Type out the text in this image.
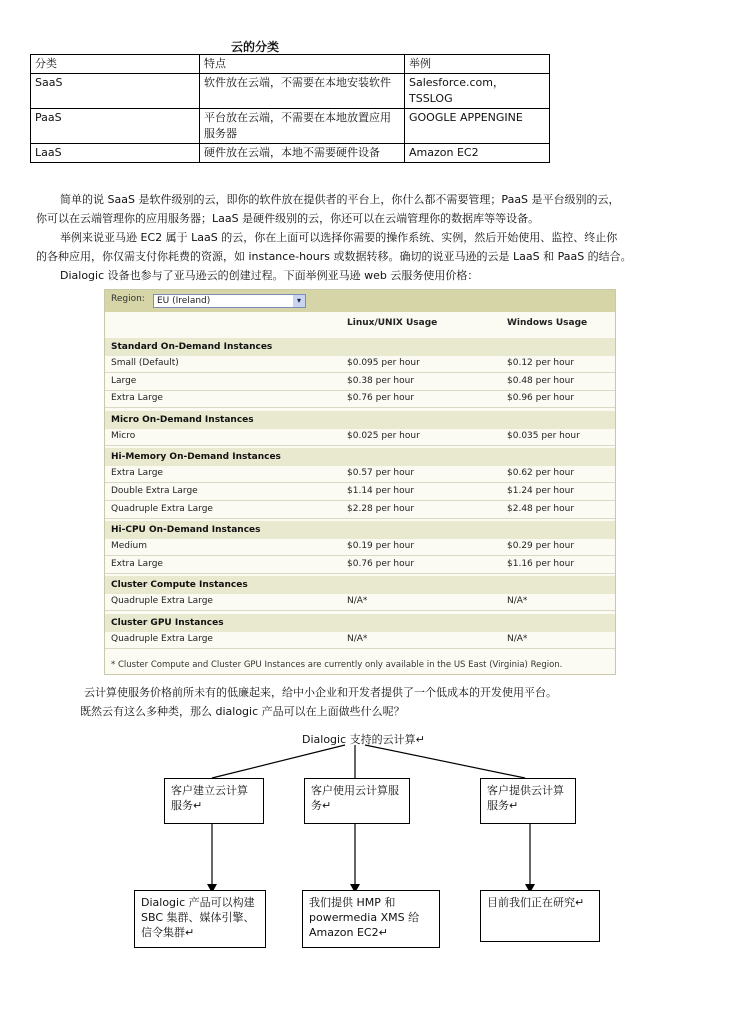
云的分类
分类	特点	举例
SaaS	软件放在云端，不需要在本地安装软件	Salesforce.com，TSSLOG
PaaS	平台放在云端，不需要在本地放置应用服务器	GOOGLE APPENGINE
LaaS	硬件放在云端，本地不需要硬件设备	Amazon EC2
简单的说 SaaS 是软件级别的云，即你的软件放在提供者的平台上，你什么都不需要管理；PaaS 是平台级别的云，
你可以在云端管理你的应用服务器；LaaS 是硬件级别的云，你还可以在云端管理你的数据库等等设备。
举例来说亚马逊 EC2 属于 LaaS 的云，你在上面可以选择你需要的操作系统、实例，然后开始使用、监控、终止你
的各种应用，你仅需支付你耗费的资源，如 instance-hours 或数据转移。确切的说亚马逊的云是 LaaS 和 PaaS 的结合。
Dialogic 设备也参与了亚马逊云的创建过程。下面举例亚马逊 web 云服务使用价格：
Region:	EU (Ireland)	▾
Linux/UNIX Usage	Windows Usage
Standard On-Demand Instances
Small (Default)	$0.095 per hour	$0.12 per hour
Large	$0.38 per hour	$0.48 per hour
Extra Large	$0.76 per hour	$0.96 per hour
Micro On-Demand Instances
Micro	$0.025 per hour	$0.035 per hour
Hi-Memory On-Demand Instances
Extra Large	$0.57 per hour	$0.62 per hour
Double Extra Large	$1.14 per hour	$1.24 per hour
Quadruple Extra Large	$2.28 per hour	$2.48 per hour
Hi-CPU On-Demand Instances
Medium	$0.19 per hour	$0.29 per hour
Extra Large	$0.76 per hour	$1.16 per hour
Cluster Compute Instances
Quadruple Extra Large	N/A*	N/A*
Cluster GPU Instances
Quadruple Extra Large	N/A*	N/A*
* Cluster Compute and Cluster GPU Instances are currently only available in the US East (Virginia) Region.
云计算使服务价格前所未有的低廉起来，给中小企业和开发者提供了一个低成本的开发使用平台。
既然云有这么多种类，那么 dialogic 产品可以在上面做些什么呢？
Dialogic 支持的云计算↵
客户建立云计算服务↵
客户使用云计算服务↵
客户提供云计算服务↵
Dialogic 产品可以构建 SBC 集群、媒体引擎、信令集群↵
我们提供 HMP 和 powermedia XMS 给 Amazon EC2↵
目前我们正在研究↵
